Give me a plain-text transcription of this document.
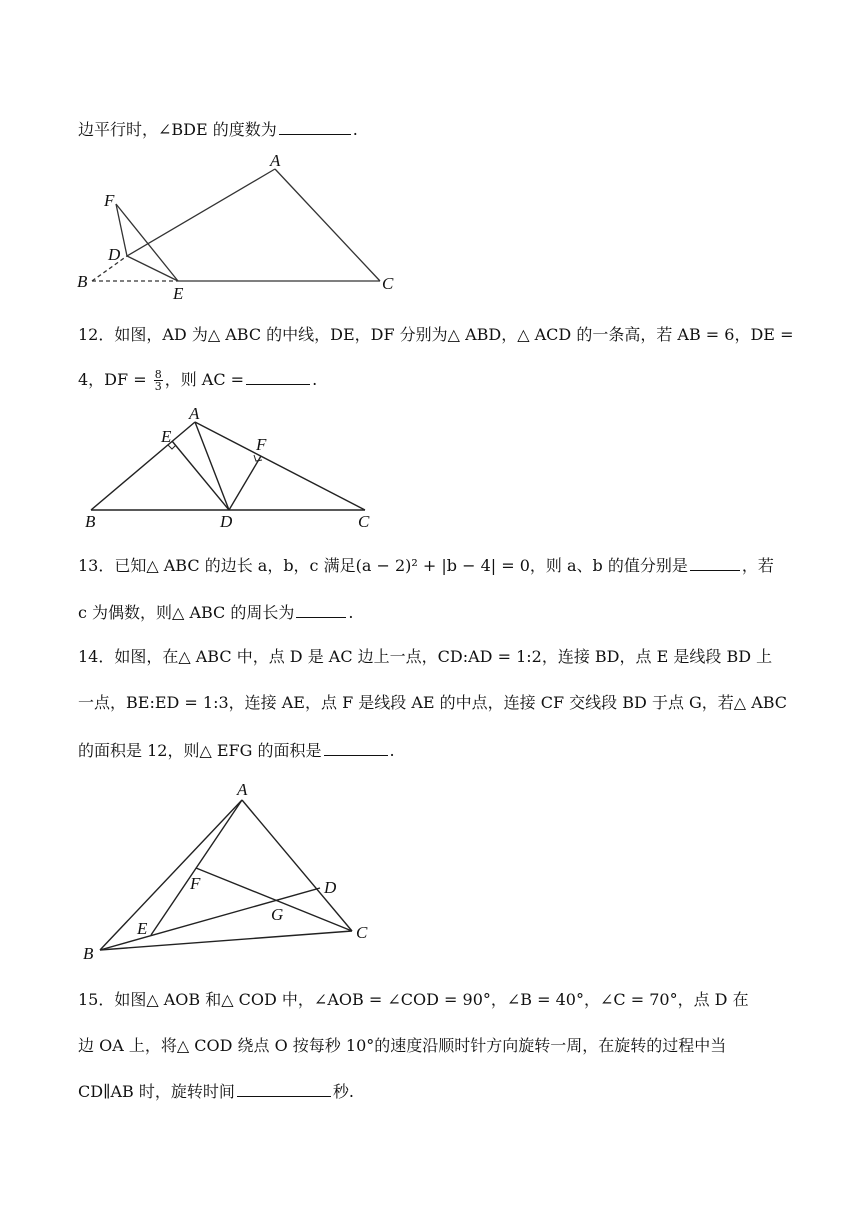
边平行时，∠BDE 的度数为	.
A
F
D
B
E
C
A
E	F
B	D	C
A
F	D
G
E	C
B
12．如图，AD 为△ ABC 的中线，DE，DF 分别为△ ABD，△ ACD 的一条高，若 AB = 6，DE =
4，DF = $\frac{8}{3}$ ，则 AC =	.
13．已知△ ABC 的边长 a，b，c 满足(a − 2)² + |b − 4| = 0，则 a、b 的值分别是	，若
c 为偶数，则△ ABC 的周长为	.
14．如图，在△ ABC 中，点 D 是 AC 边上一点，CD:AD = 1:2，连接 BD，点 E 是线段 BD 上
一点，BE:ED = 1:3，连接 AE，点 F 是线段 AE 的中点，连接 CF 交线段 BD 于点 G，若△ ABC
的面积是 12，则△ EFG 的面积是	.
15．如图△ AOB 和△ COD 中，∠AOB = ∠COD = 90°，∠B = 40°，∠C = 70°，点 D 在
边 OA 上，将△ COD 绕点 O 按每秒 10°的速度沿顺时针方向旋转一周，在旋转的过程中当
CD∥AB 时，旋转时间	秒.
